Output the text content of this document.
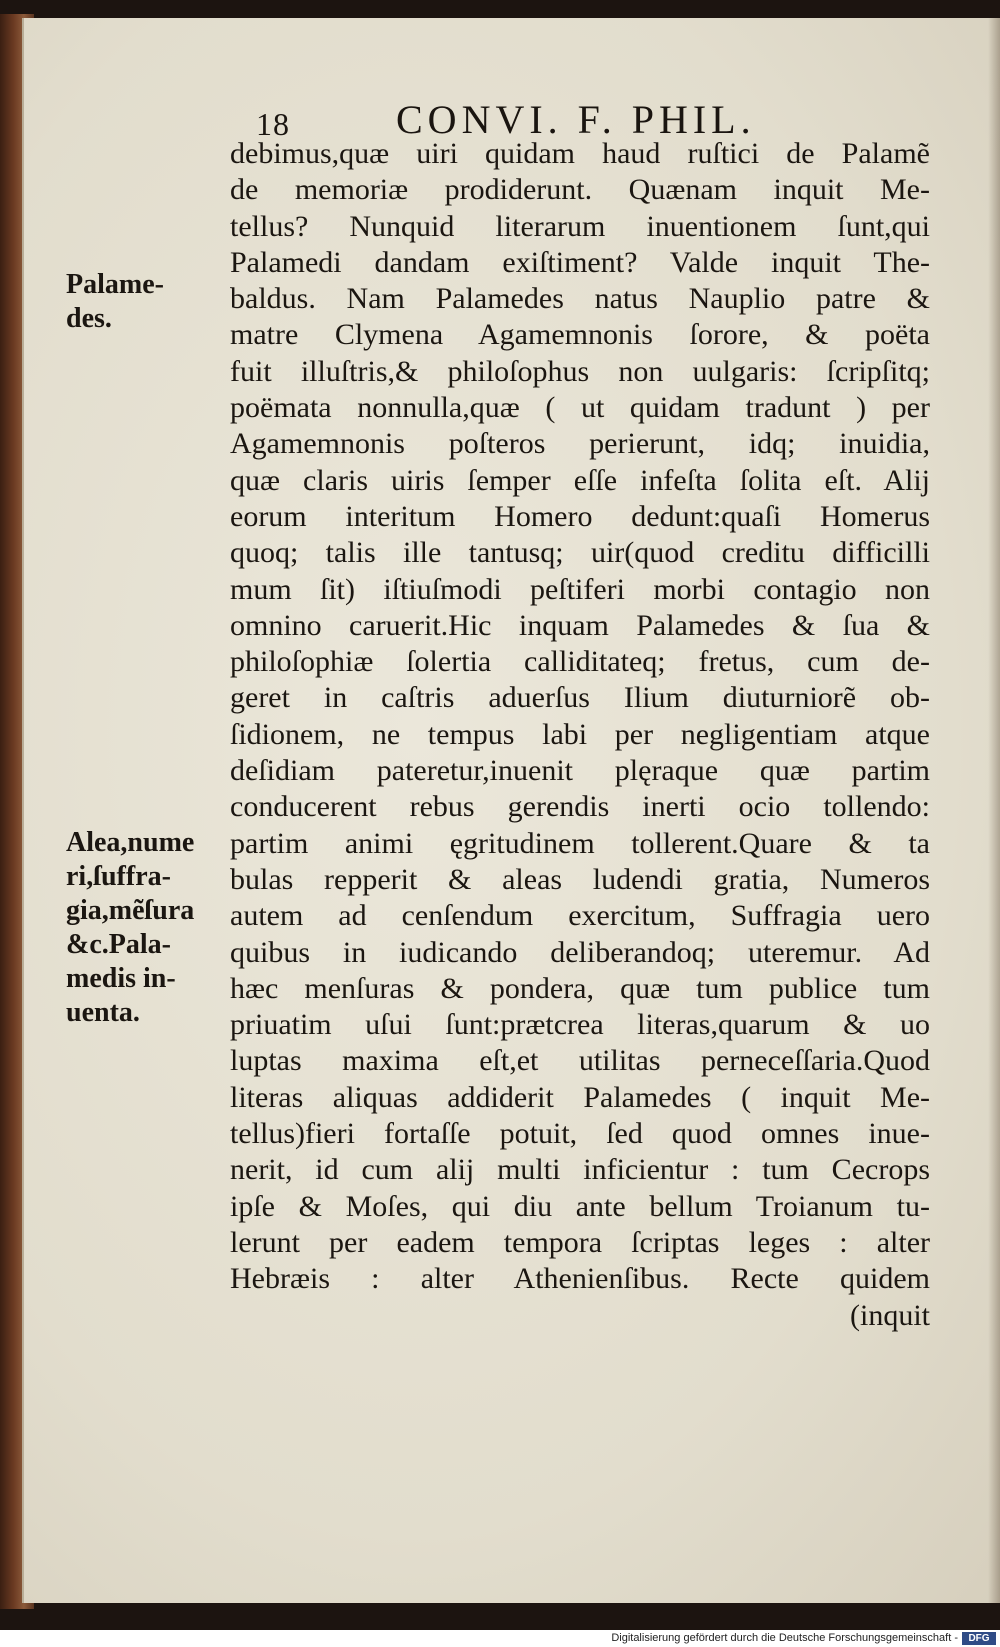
18	CONVI. F. PHIL.
Palame-
des.
Alea,nume
ri,ſuffra-
gia,mẽſura
&c.Pala-
medis in-
uenta.
debimus,quæ uiri quidam haud ruſtici de Palamẽ
de memoriæ prodiderunt. Quænam inquit Me-
tellus? Nunquid literarum inuentionem ſunt,qui
Palamedi dandam exiſtiment? Valde inquit The-
baldus. Nam Palamedes natus Nauplio patre &
matre Clymena Agamemnonis ſorore, & poëta
fuit illuſtris,& philoſophus non uulgaris: ſcripſitq;
poëmata nonnulla,quæ ( ut quidam tradunt ) per
Agamemnonis poſteros perierunt, idq; inuidia,
quæ claris uiris ſemper eſſe infeſta ſolita eſt. Alij
eorum interitum Homero dedunt:quaſi Homerus
quoq; talis ille tantusq; uir(quod creditu difficilli
mum ſit) iſtiuſmodi peſtiferi morbi contagio non
omnino caruerit.Hic inquam Palamedes & ſua &
philoſophiæ ſolertia calliditateq; fretus, cum de-
geret in caſtris aduerſus Ilium diuturniorẽ ob-
ſidionem, ne tempus labi per negligentiam atque
deſidiam pateretur,inuenit plęraque quæ partim
conducerent rebus gerendis inerti ocio tollendo:
partim animi ęgritudinem tollerent.Quare & ta
bulas repperit & aleas ludendi gratia, Numeros
autem ad cenſendum exercitum, Suffragia uero
quibus in iudicando deliberandoq; uteremur. Ad
hæc menſuras & pondera, quæ tum publice tum
priuatim uſui ſunt:prætcrea literas,quarum & uo
luptas maxima eſt,et utilitas perneceſſaria.Quod
literas aliquas addiderit Palamedes ( inquit Me-
tellus)fieri fortaſſe potuit, ſed quod omnes inue-
nerit, id cum alij multi inficientur : tum Cecrops
ipſe & Moſes, qui diu ante bellum Troianum tu-
lerunt per eadem tempora ſcriptas leges : alter
Hebræis : alter Athenienſibus. Recte quidem
(inquit
Digitalisierung gefördert durch die Deutsche Forschungsgemeinschaft -	DFG
